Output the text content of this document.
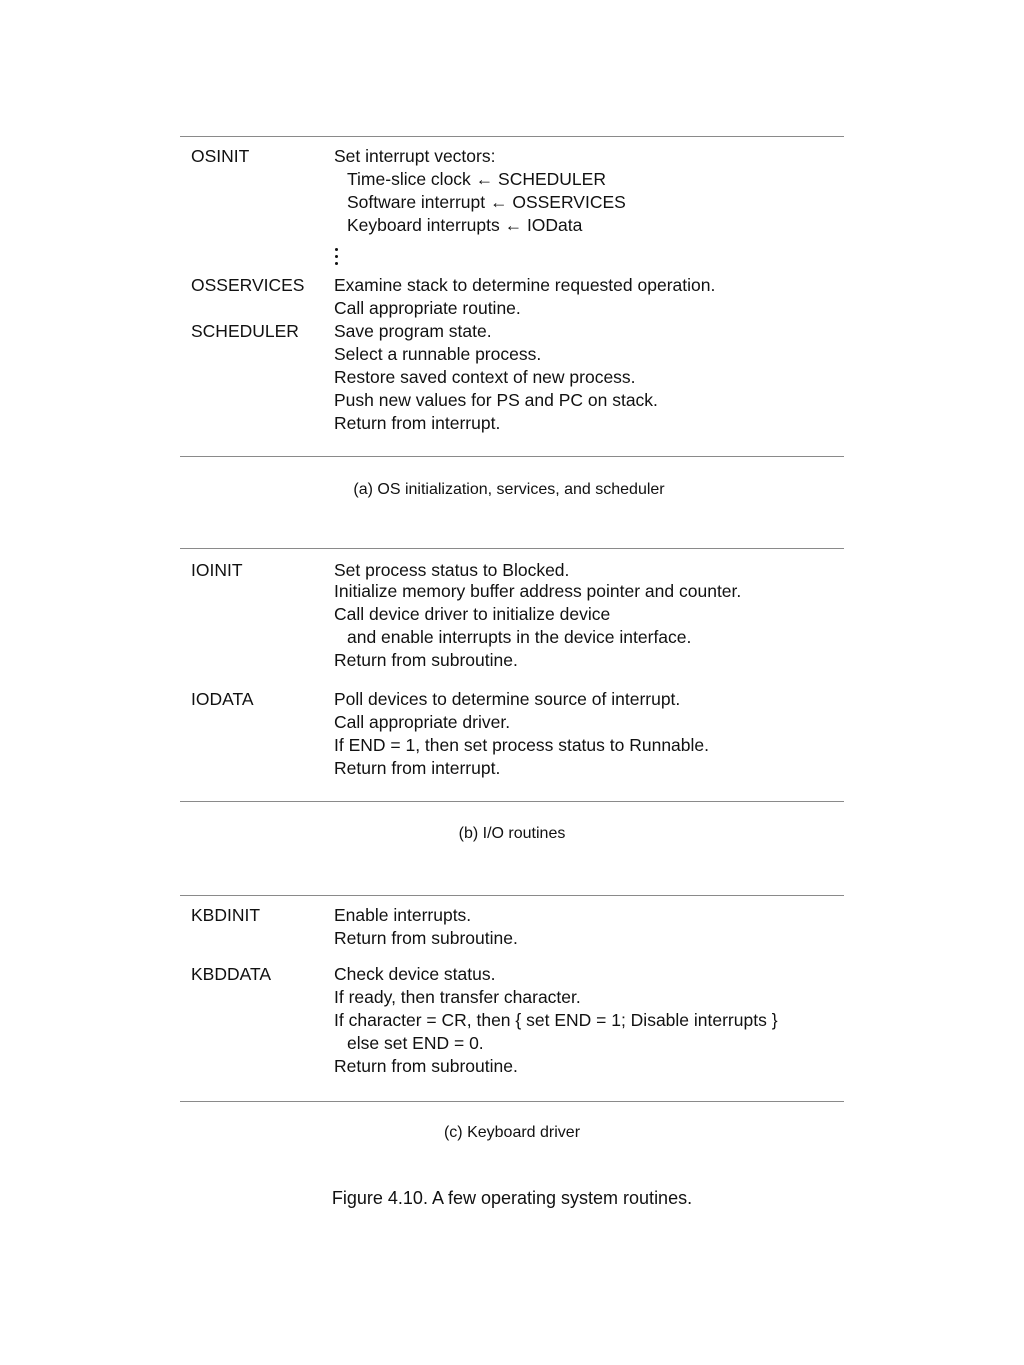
OSINIT	Set interrupt vectors:
Time-slice clock ← SCHEDULER
Software interrupt ← OSSERVICES
Keyboard interrupts ← IOData
OSSERVICES Examine stack to determine requested operation.
Call appropriate routine.
SCHEDULER Save program state.
Select a runnable process.
Restore saved context of new process.
Push new values for PS and PC on stack.
Return from interrupt.
(a) OS initialization, services, and scheduler
IOINIT	Set process status to Blocked.
Initialize memory buffer address pointer and counter.
Call device driver to initialize device
and enable interrupts in the device interface.
Return from subroutine.
IODATA	Poll devices to determine source of interrupt.
Call appropriate driver.
If END = 1, then set process status to Runnable.
Return from interrupt.
(b) I/O routines
KBDINIT	Enable interrupts.
Return from subroutine.
KBDDATA	Check device status.
If ready, then transfer character.
If character = CR, then { set END = 1; Disable interrupts }
else set END = 0.
Return from subroutine.
(c) Keyboard driver
Figure 4.10. A few operating system routines.
